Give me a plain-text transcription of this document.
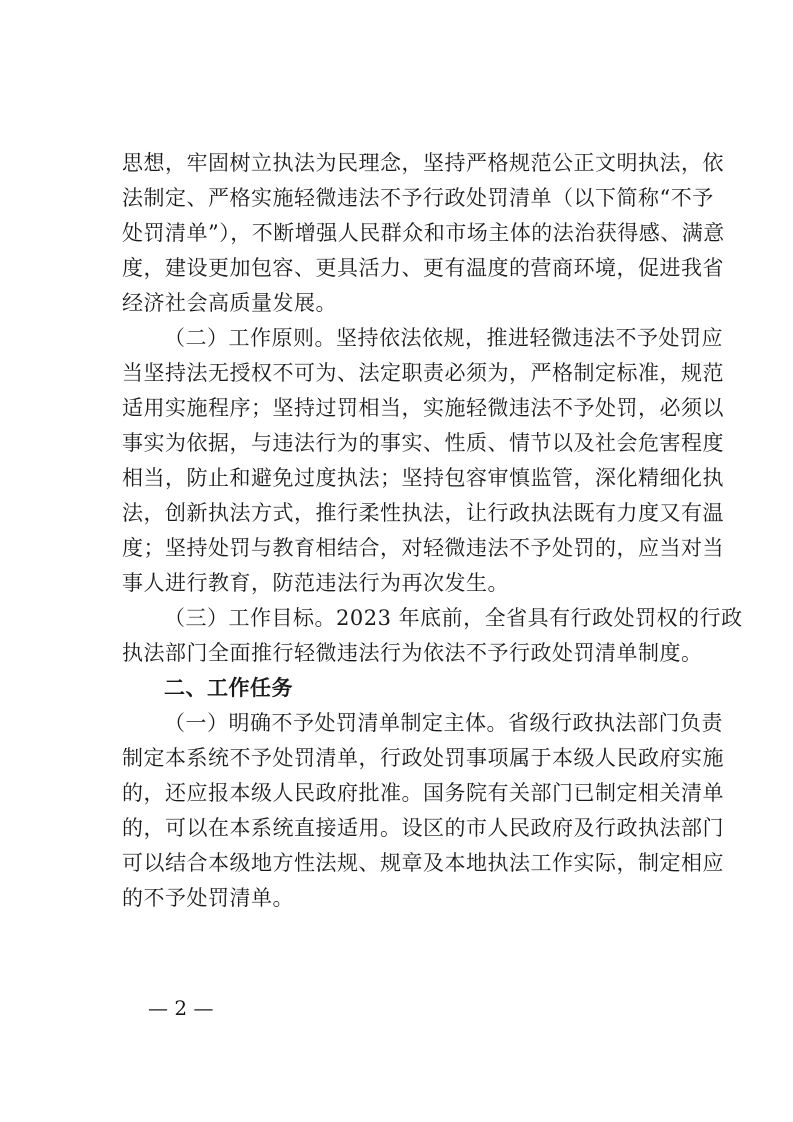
思想，牢固树立执法为民理念，坚持严格规范公正文明执法，依
法制定、严格实施轻微违法不予行政处罚清单（以下简称“不予
处罚清单”），不断增强人民群众和市场主体的法治获得感、满意
度，建设更加包容、更具活力、更有温度的营商环境，促进我省
经济社会高质量发展。
（二）工作原则。坚持依法依规，推进轻微违法不予处罚应
当坚持法无授权不可为、法定职责必须为，严格制定标准，规范
适用实施程序；坚持过罚相当，实施轻微违法不予处罚，必须以
事实为依据，与违法行为的事实、性质、情节以及社会危害程度
相当，防止和避免过度执法；坚持包容审慎监管，深化精细化执
法，创新执法方式，推行柔性执法，让行政执法既有力度又有温
度；坚持处罚与教育相结合，对轻微违法不予处罚的，应当对当
事人进行教育，防范违法行为再次发生。
（三）工作目标。2023 年底前，全省具有行政处罚权的行政
执法部门全面推行轻微违法行为依法不予行政处罚清单制度。
二、工作任务
（一）明确不予处罚清单制定主体。省级行政执法部门负责
制定本系统不予处罚清单，行政处罚事项属于本级人民政府实施
的，还应报本级人民政府批准。国务院有关部门已制定相关清单
的，可以在本系统直接适用。设区的市人民政府及行政执法部门
可以结合本级地方性法规、规章及本地执法工作实际，制定相应
的不予处罚清单。
— 2 —
